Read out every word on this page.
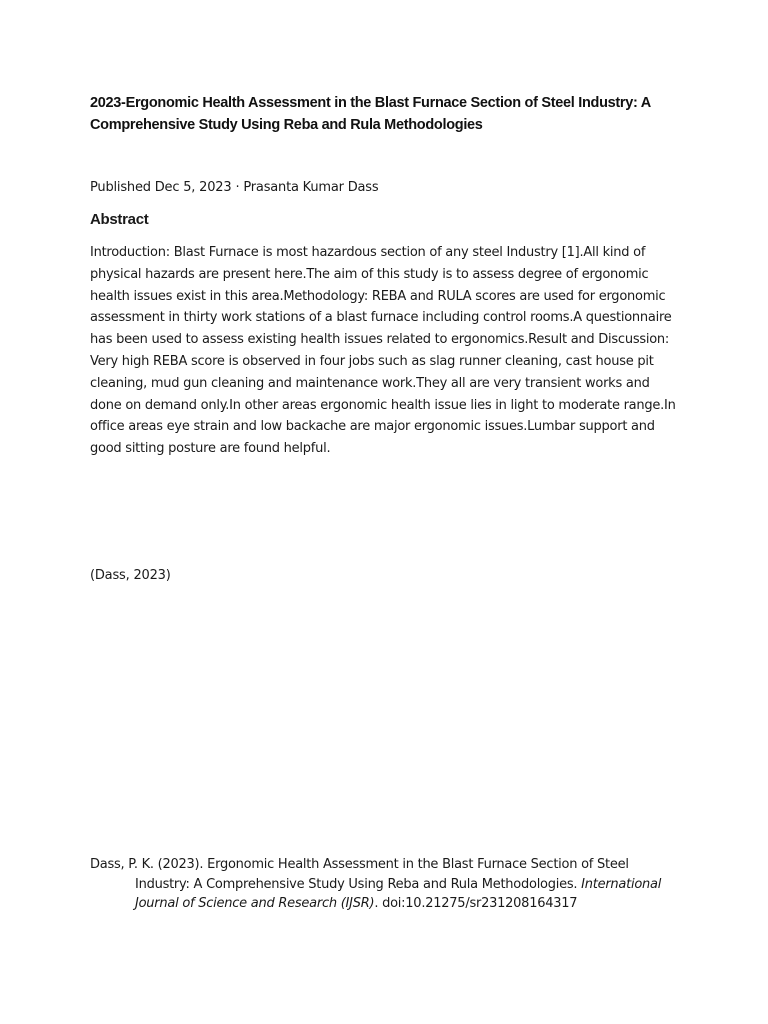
2023-Ergonomic Health Assessment in the Blast Furnace Section of Steel Industry: A Comprehensive Study Using Reba and Rula Methodologies

Published Dec 5, 2023 · Prasanta Kumar Dass

Abstract

Introduction: Blast Furnace is most hazardous section of any steel Industry [1].All kind of physical hazards are present here.The aim of this study is to assess degree of ergonomic health issues exist in this area.Methodology: REBA and RULA scores are used for ergonomic assessment in thirty work stations of a blast furnace including control rooms.A questionnaire has been used to assess existing health issues related to ergonomics.Result and Discussion: Very high REBA score is observed in four jobs such as slag runner cleaning, cast house pit cleaning, mud gun cleaning and maintenance work.They all are very transient works and done on demand only.In other areas ergonomic health issue lies in light to moderate range.In office areas eye strain and low backache are major ergonomic issues.Lumbar support and good sitting posture are found helpful.

(Dass, 2023)

Dass, P. K. (2023). Ergonomic Health Assessment in the Blast Furnace Section of Steel Industry: A Comprehensive Study Using Reba and Rula Methodologies. International Journal of Science and Research (IJSR). doi:10.21275/sr231208164317
